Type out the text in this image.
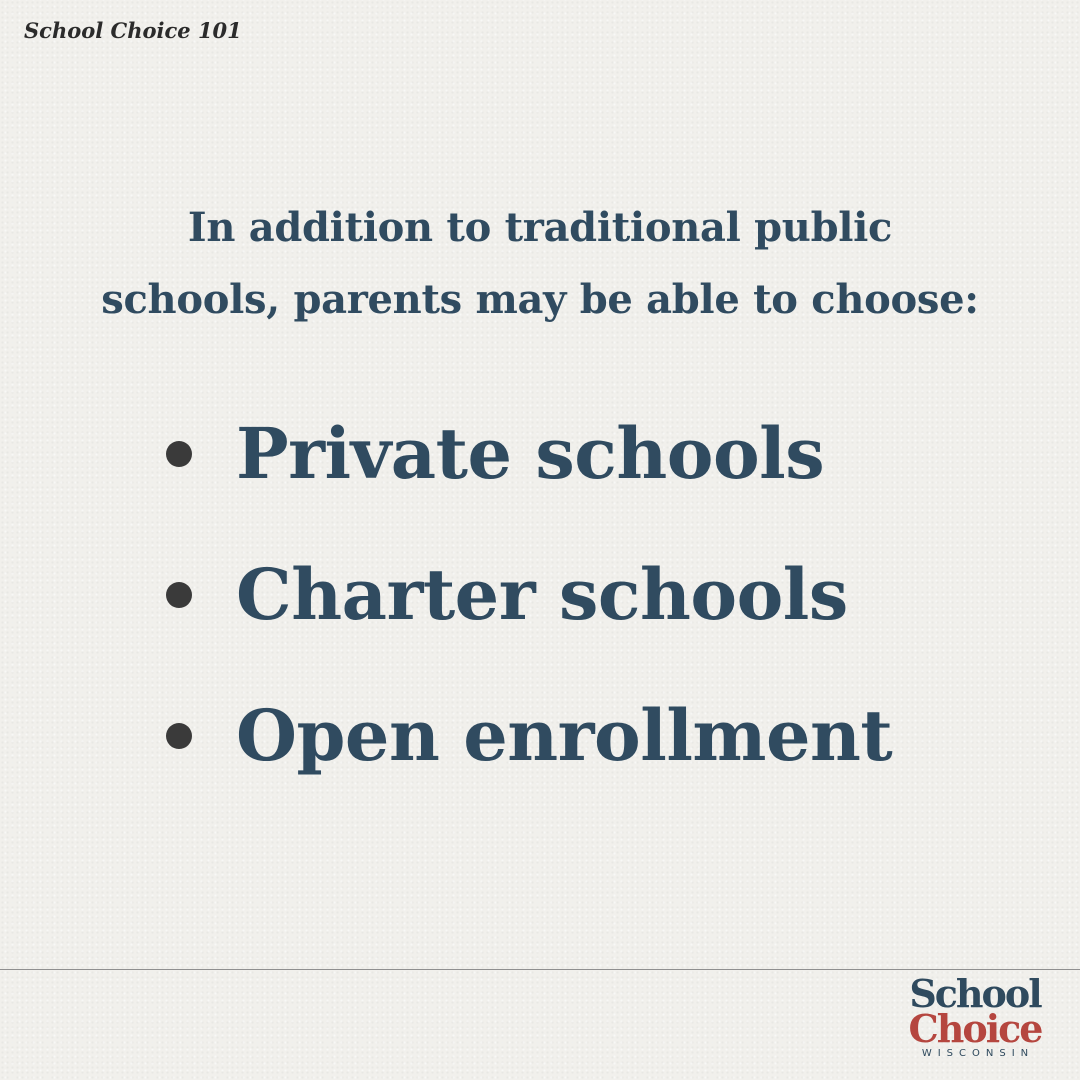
School Choice 101
In addition to traditional public
schools, parents may be able to choose:
Private schools
Charter schools
Open enrollment
School
Choice
WISCONSIN
